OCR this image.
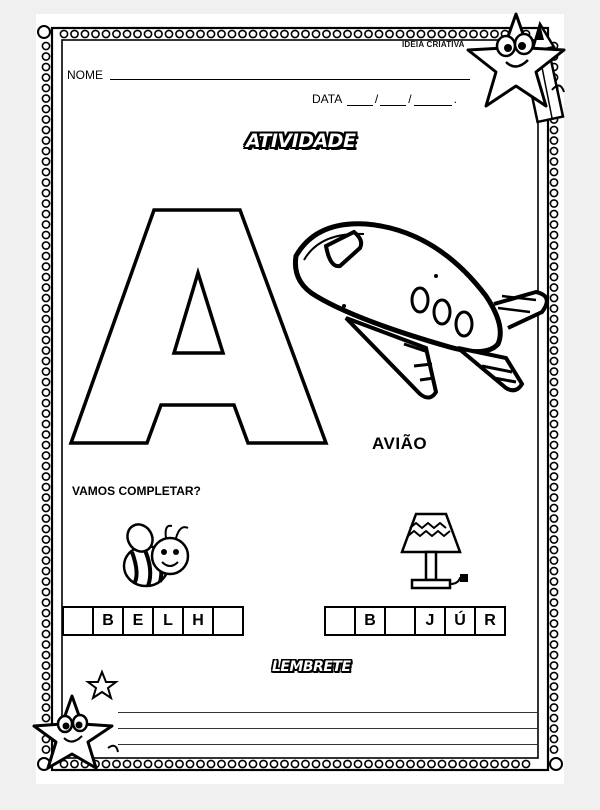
IDEIA CRIATIVA
NOME
DATA	/	/	.
ATIVIDADE
AVIÃO
VAMOS COMPLETAR?
B	E	L	H	B	J	Ú	R
LEMBRETE
